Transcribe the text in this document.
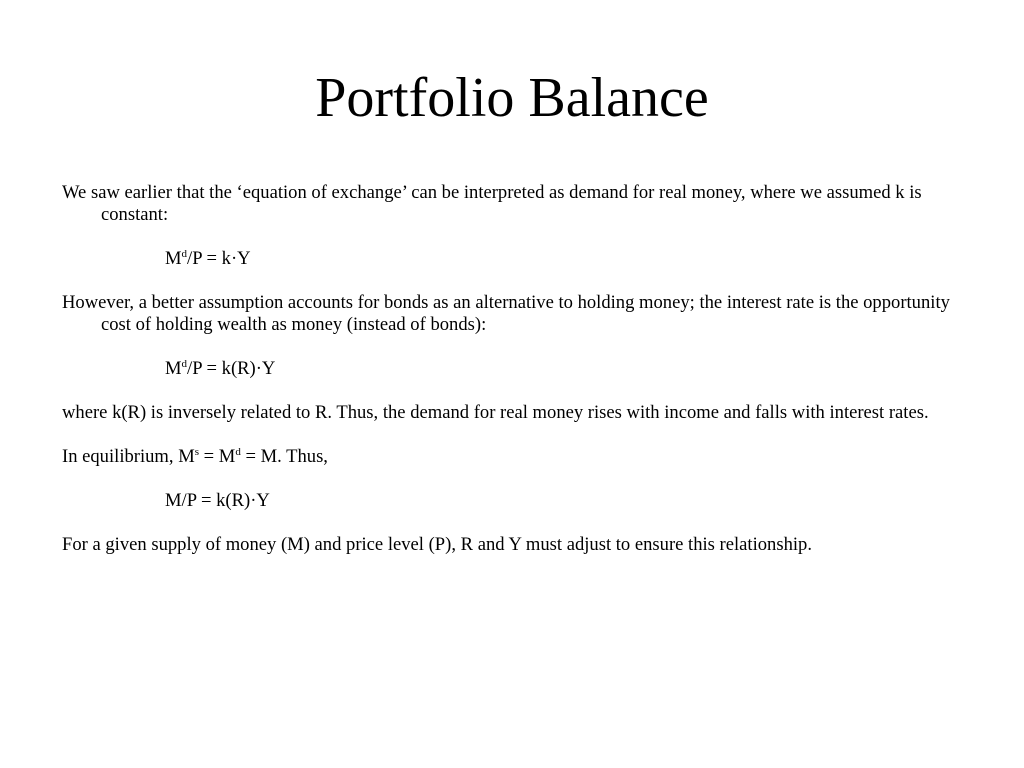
Portfolio Balance

We saw earlier that the ‘equation of exchange’ can be interpreted as demand for real money, where we assumed k is constant:

$M^d/P = k\cdot Y$

However, a better assumption accounts for bonds as an alternative to holding money; the interest rate is the opportunity cost of holding wealth as money (instead of bonds):

$M^d/P = k(R)\cdot Y$

where k(R) is inversely related to R. Thus, the demand for real money rises with income and falls with interest rates.

In equilibrium, $M^s = M^d = M$. Thus,

M/P = k(R)·Y

For a given supply of money (M) and price level (P), R and Y must adjust to ensure this relationship.
